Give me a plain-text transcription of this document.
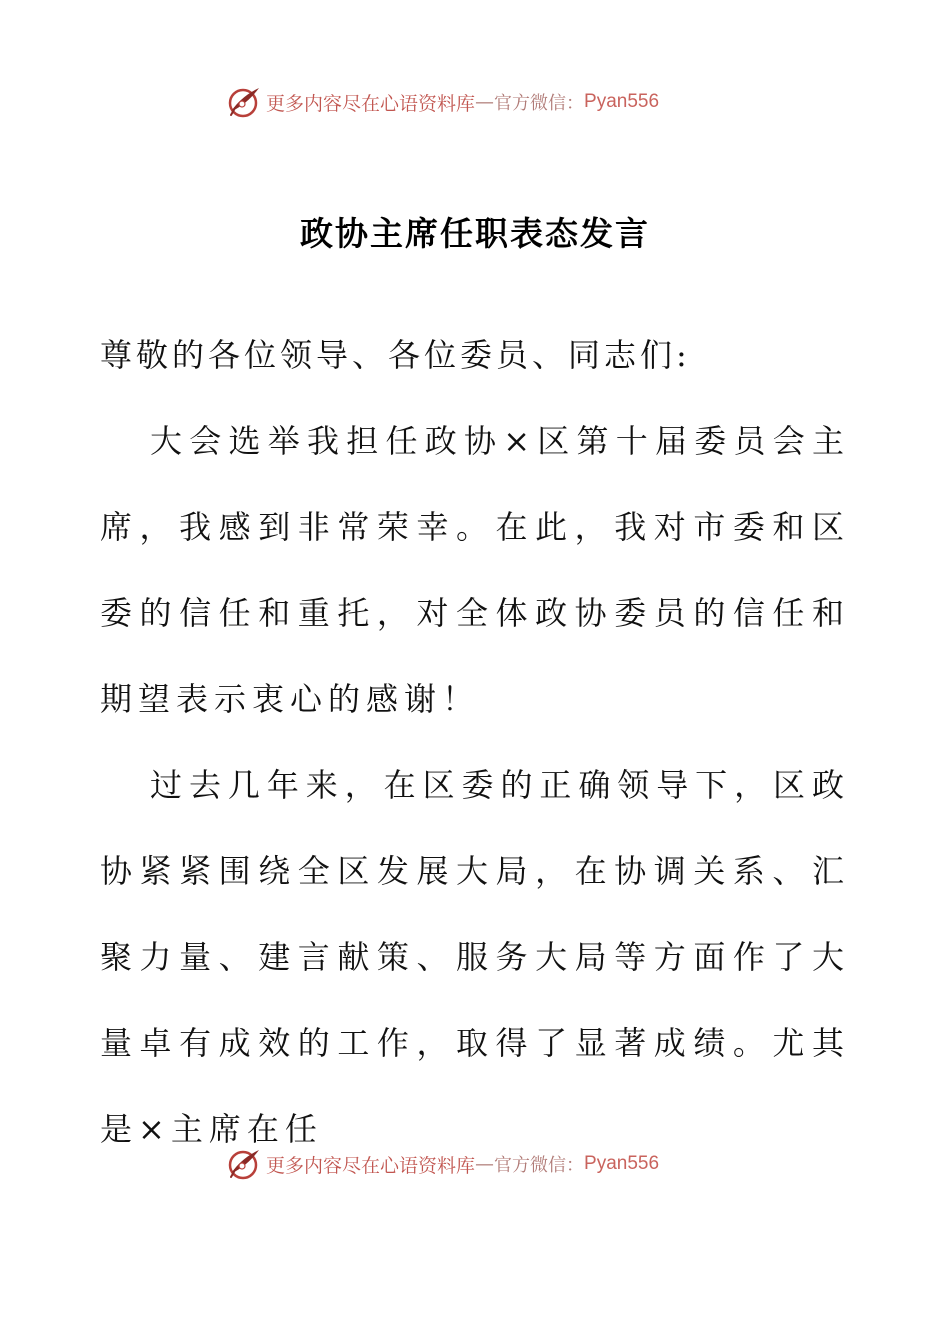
更多内容尽在心语资料库 — 官方微信： Pyan556
政协主席任职表态发言

尊敬的各位领导、各位委员、同志们:

大会选举我担任政协×区第十届委员会主席，我感到非常荣幸。在此，我对市委和区委的信任和重托，对全体政协委员的信任和期望表示衷心的感谢！

过去几年来，在区委的正确领导下，区政协紧紧围绕全区发展大局，在协调关系、汇聚力量、建言献策、服务大局等方面作了大量卓有成效的工作，取得了显著成绩。尤其是×主席在任

更多内容尽在心语资料库 — 官方微信： Pyan556
